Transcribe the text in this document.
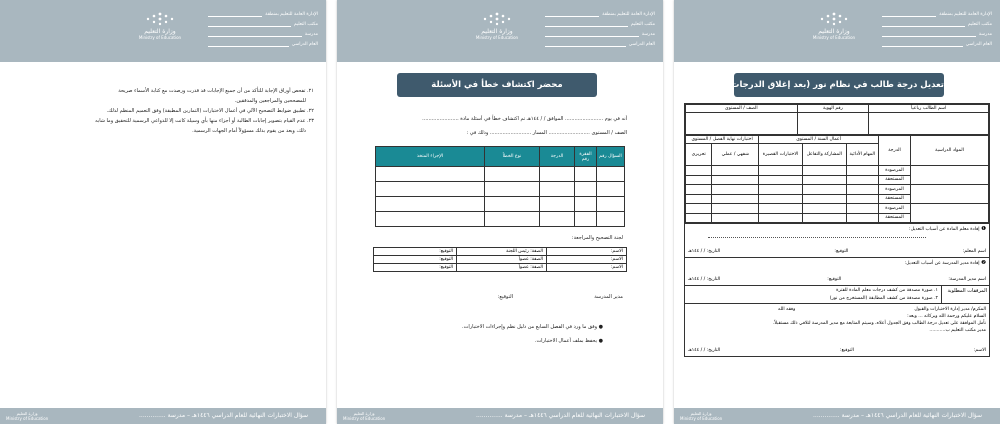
الإدارة العامة للتعليم بمنطقة
مكتب التعليم
مدرسة
العام الدراسي
وزارة التعليم
Ministry of Education
٢١. تفحص أوراق الإجابة للتأكد من أن جميع الإجابات قد قدرت ورصدت مع كتابة الأسماء صريحة
للمصححين والمراجعين والمدققين.
٢٢. تطبيق ضوابط التصحيح الآلي في أعمال الاختبارات (التمارين المطبقة) وفق التعميم المنظم لذلك.
٢٣. عدم القيام بتصوير إجابات الطالبة أو أجزاء منها بأي وسيلة كانت إلا للدواعي الرسمية للتحقيق وما شابه
ذلك، ويعد من يقوم بذلك مسؤولاً أمام الجهات الرسمية.
سؤال الاختبارات النهائية للعام الدراسي ١٤٤٦هـ – مدرسة ..............
وزارة التعليم
Ministry of Education
الإدارة العامة للتعليم بمنطقة
مكتب التعليم
مدرسة
العام الدراسي
وزارة التعليم
Ministry of Education
محضر اكتشاف خطأ في الأسئلة
أنه في يوم ........................ الموافق / / ١٤٤هـ تم اكتشاف خطأ في أسئلة مادة .......................
الصف / المستوى .......................... المسار .......................... وذلك في :
السؤال رقم	الفقرة رقم	الدرجة	نوع الخطأ	الإجراء المتخذ

لجنة التصحيح والمراجعة:
الاسم:	الصفة: رئيس اللجنة	التوقيع:
الاسم:	الصفة: عضواً	التوقيع:
الاسم:	الصفة: عضواً	التوقيع:
مدير المدرسة
التوقيع:
● وفق ما ورد في الفصل السابع من دليل نظم وإجراءات الاختبارات.
● يحفظ بملف أعمال الاختبارات.
سؤال الاختبارات النهائية للعام الدراسي ١٤٤٦هـ – مدرسة ..............
وزارة التعليم
Ministry of Education
الإدارة العامة للتعليم بمنطقة
مكتب التعليم
مدرسة
العام الدراسي
وزارة التعليم
Ministry of Education
تعديل درجة طالب في نظام نور (بعد إغلاق الدرجات)
اسم الطالب رباعياً	رقم الهوية	الصف / المستوى

المواد الدراسية	الدرجة	أعمال السنة / المستوى			اختبارات نهاية الفصل / المستوى	
		المهام الأدائية	المشاركة والتفاعل	الاختبارات القصيرة	شفهي / عملي	تحريري
	المرصودة					
	المستحقة					
	المرصودة					
	المستحقة					
	المرصودة					
	المستحقة					
❶ إفادة معلم المادة عن أسباب التعديل:
اسم المعلم:
التوقيع:
التاريخ: / / ١٤٤هـ
❷ إفادة مدير المدرسة عن أسباب التعديل:
اسم مدير المدرسة:
التوقيع:
التاريخ: / / ١٤٤هـ
المرفقات المطلوبة
١. صورة مصدقة من كشف درجات معلم المادة للفترة
٢. صورة مصدقة من كشف المطابقة (المستخرج من نور)
المكرم/ مدير إدارة الاختبارات والقبول
وفقه الله
السلام عليكم ورحمة الله وبركاته ... وبعد:
نأمل الموافقة على تعديل درجة الطالب وفق الجدول أعلاه، وسيتم المتابعة مع مدير المدرسة لتلافي ذلك مستقبلاً.
مدير مكتب التعليم ب...........
الاسم:
التوقيع:
التاريخ: / / ١٤٤هـ
سؤال الاختبارات النهائية للعام الدراسي ١٤٤٦هـ – مدرسة ..............
وزارة التعليم
Ministry of Education
